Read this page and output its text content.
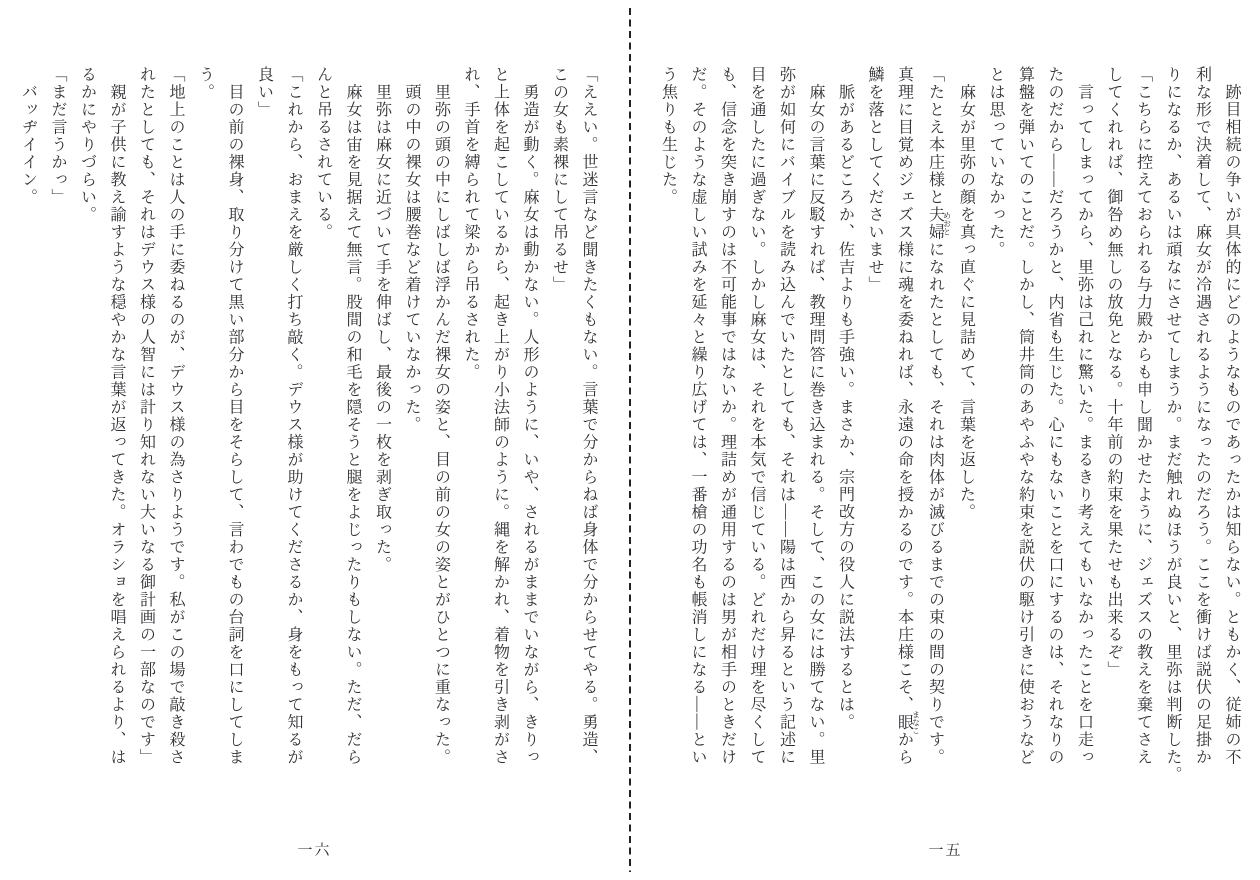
「ええい。世迷言など聞きたくもない。言葉で分からねば身体で分からせてやる。勇造、

この女も素裸にして吊るせ」

　勇造が動く。麻女は動かない。人形のように、いや、されるがままでいながら、きりっ

と上体を起こしているから、起き上がり小法師のように。縄を解かれ、着物を引き剥がさ

れ、手首を縛られて梁から吊るされた。

　里弥の頭の中にしばしば浮かんだ裸女の姿と、目の前の女の姿とがひとつに重なった。

　頭の中の裸女は腰巻など着けていなかった。

　里弥は麻女に近づいて手を伸ばし、最後の一枚を剥ぎ取った。

　麻女は宙を見据えて無言。股間の和毛を隠そうと腿をよじったりもしない。ただ、だら

んと吊るされている。

「これから、おまえを厳しく打ち敲く。デウス様が助けてくださるか、身をもって知るが

良い」

　目の前の裸身、取り分けて黒い部分から目をそらして、言わでもの台詞を口にしてしま

う。

「地上のことは人の手に委ねるのが、デウス様の為さりようです。私がこの場で敲き殺さ

れたとしても、それはデウス様の人智には計り知れない大いなる御計画の一部なのです」

　親が子供に教え諭すような穏やかな言葉が返ってきた。オラショを唱えられるより、は

るかにやりづらい。

「まだ言うかっ」

　バッヂイイン。

一六

　跡目相続の争いが具体的にどのようなものであったかは知らない。ともかく、従姉の不

利な形で決着して、麻女が冷遇されるようになったのだろう。ここを衝けば説伏の足掛か

りになるか、あるいは頑なにさせてしまうか。まだ触れぬほうが良いと、里弥は判断した。

「こちらに控えておられる与力殿からも申し聞かせたように、ジェズスの教えを棄てさえ

してくれれば、御咎め無しの放免となる。十年前の約束を果たせも出来るぞ」

　言ってしまってから、里弥は己れに驚いた。まるきり考えてもいなかったことを口走っ

たのだから――だろうかと、内省も生じた。心にもないことを口にするのは、それなりの

算盤を弾いてのことだ。しかし、筒井筒のあやふやな約束を説伏の駆け引きに使おうなど

とは思っていなかった。

　麻女が里弥の顔を真っ直ぐに見詰めて、言葉を返した。

「たとえ本庄様と夫婦 めおとになれたとしても、それは肉体が滅びるまでの束の間の契りです。

真理に目覚めジェズス様に魂を委ねれば、永遠の命を授かるのです。本庄様こそ、眼 まなこから

鱗を落としてくださいませ」

　脈があるどころか、佐吉よりも手強い。まさか、宗門改方の役人に説法するとは。

　麻女の言葉に反駁すれば、教理問答に巻き込まれる。そして、この女には勝てない。里

弥が如何にバイブルを読み込んでいたとしても、それは――陽は西から昇るという記述に

目を通したに過ぎない。しかし麻女は、それを本気で信じている。どれだけ理を尽くして

も、信念を突き崩すのは不可能事ではないか。理詰めが通用するのは男が相手のときだけ

だ。そのような虚しい試みを延々と繰り広げては、一番槍の功名も帳消しになる――とい

う焦りも生じた。

一五
